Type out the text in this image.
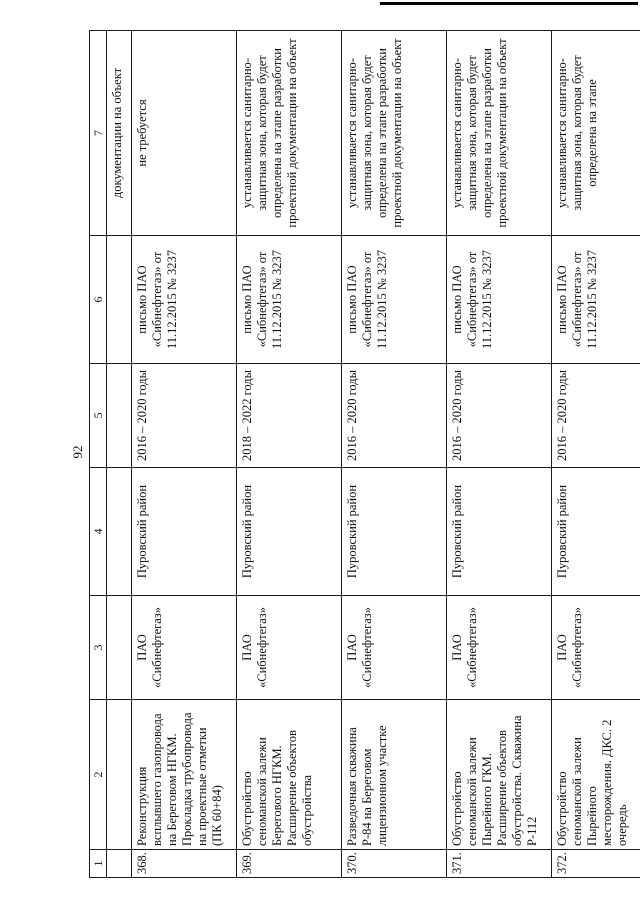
92
1	2	3	4	5	6	7
						документации на объект
368.	Реконструкция всплывшего газопровода на Береговом НГКМ. Прокладка трубопровода на проектные отметки (ПК 60+84)	ПАО «Сибнефтегаз»	Пуровский район	2016 – 2020 годы	письмо ПАО «Сибнефтегаз» от 11.12.2015 № 3237	не требуется
369.	Обустройство сеноманской залежи Берегового НГКМ. Расширение объектов обустройства	ПАО «Сибнефтегаз»	Пуровский район	2018 – 2022 годы	письмо ПАО «Сибнефтегаз» от 11.12.2015 № 3237	устанавливается санитарно-защитная зона, которая будет определена на этапе разработки проектной документации на объект
370.	Разведочная скважина Р-84 на Береговом лицензионном участке	ПАО «Сибнефтегаз»	Пуровский район	2016 – 2020 годы	письмо ПАО «Сибнефтегаз» от 11.12.2015 № 3237	устанавливается санитарно-защитная зона, которая будет определена на этапе разработки проектной документации на объект
371.	Обустройство сеноманской залежи Пырейного ГКМ. Расширение объектов обустройства. Скважина Р-112	ПАО «Сибнефтегаз»	Пуровский район	2016 – 2020 годы	письмо ПАО «Сибнефтегаз» от 11.12.2015 № 3237	устанавливается санитарно-защитная зона, которая будет определена на этапе разработки проектной документации на объект
372.	Обустройство сеноманской залежи Пырейного месторождения. ДКС. 2 очередь	ПАО «Сибнефтегаз»	Пуровский район	2016 – 2020 годы	письмо ПАО «Сибнефтегаз» от 11.12.2015 № 3237	устанавливается санитарно-защитная зона, которая будет определена на этапе
